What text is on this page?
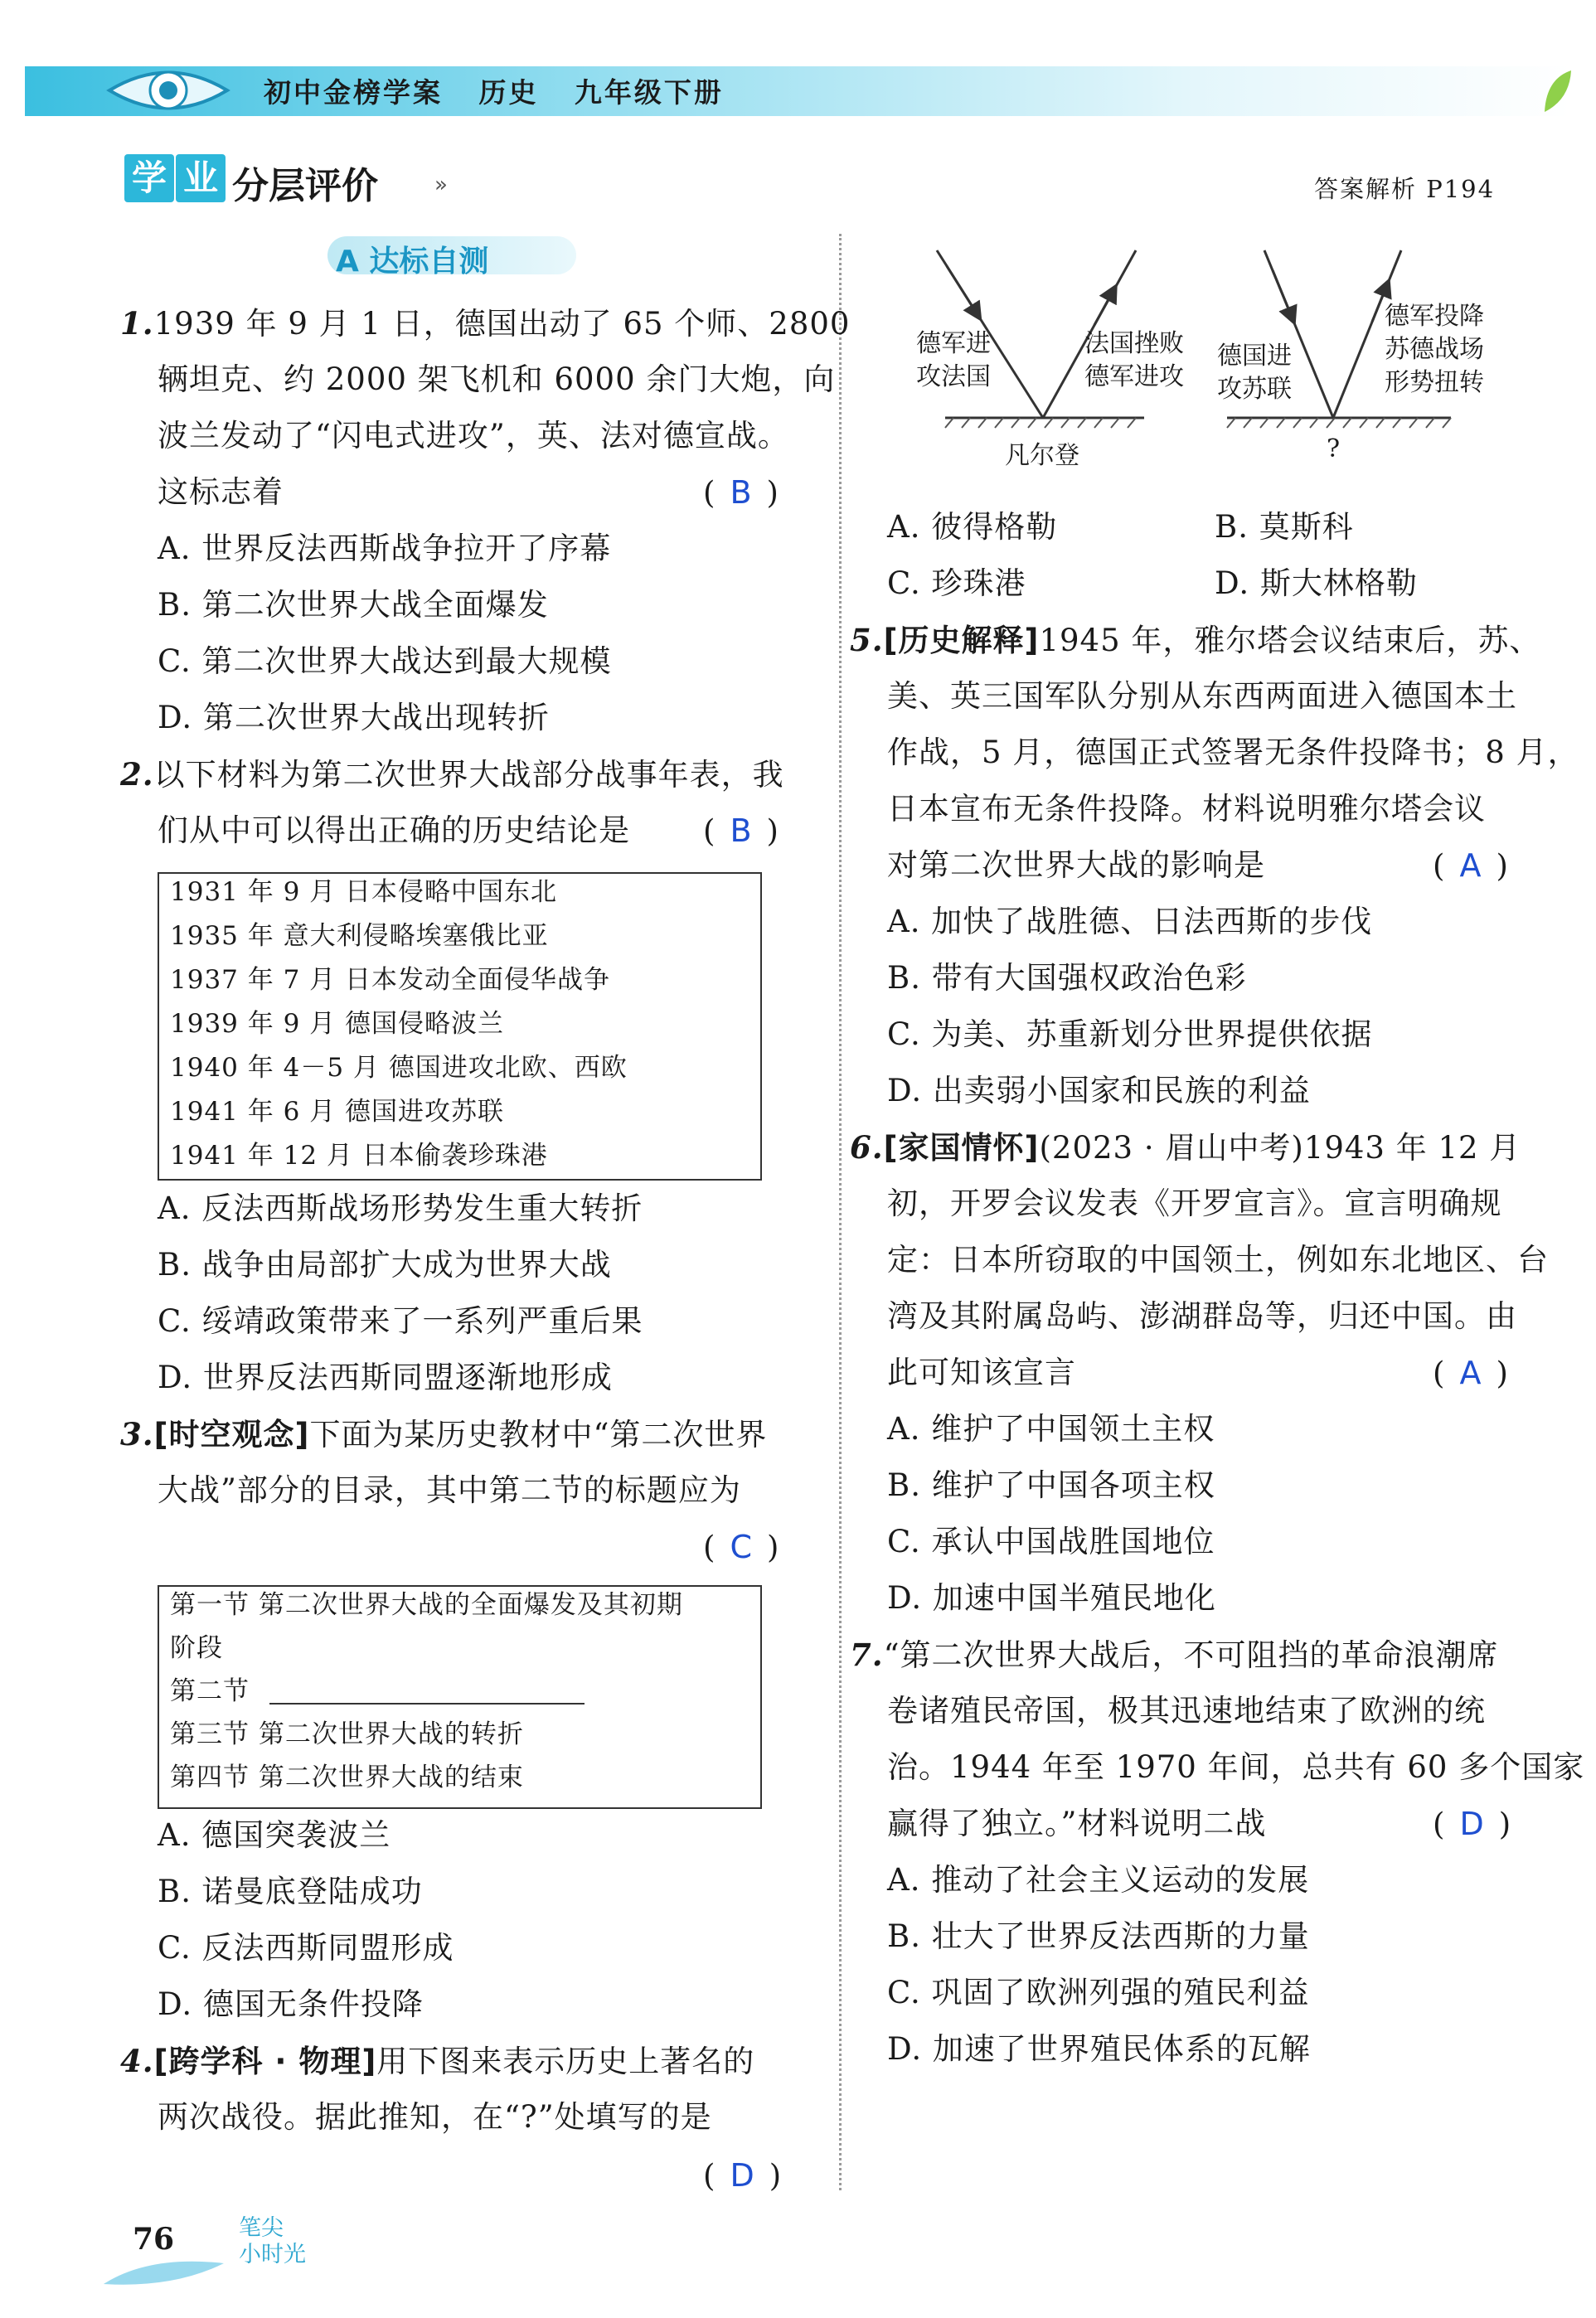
初中金榜学案   历史   九年级下册
学 业 分层评价	»	答案解析 P194
A 达标自测
1.1939 年 9 月 1 日，德国出动了 65 个师、2800
辆坦克、约 2000 架飞机和 6000 余门大炮，向
波兰发动了“闪电式进攻”，英、法对德宣战。
这标志着	( B )
A. 世界反法西斯战争拉开了序幕
B. 第二次世界大战全面爆发
C. 第二次世界大战达到最大规模
D. 第二次世界大战出现转折
2.以下材料为第二次世界大战部分战事年表，我
们从中可以得出正确的历史结论是 ( B )
1931 年 9 月 日本侵略中国东北
1935 年 意大利侵略埃塞俄比亚
1937 年 7 月 日本发动全面侵华战争
1939 年 9 月 德国侵略波兰
1940 年 4－5 月 德国进攻北欧、西欧
1941 年 6 月 德国进攻苏联
1941 年 12 月 日本偷袭珍珠港
A. 反法西斯战场形势发生重大转折
B. 战争由局部扩大成为世界大战
C. 绥靖政策带来了一系列严重后果
D. 世界反法西斯同盟逐渐地形成
3.[时空观念]下面为某历史教材中“第二次世界
大战”部分的目录，其中第二节的标题应为
( C )
第一节 第二次世界大战的全面爆发及其初期
阶段
第二节
第三节 第二次世界大战的转折
第四节 第二次世界大战的结束
A. 德国突袭波兰
B. 诺曼底登陆成功
C. 反法西斯同盟形成
D. 德国无条件投降
4.[跨学科 · 物理]用下图来表示历史上著名的
两次战役。据此推知，在“?”处填写的是
( D )
德军进
攻法国
法国挫败
德军进攻
凡尔登
德国进
攻苏联
德军投降
苏德战场
形势扭转
?
A. 彼得格勒	B. 莫斯科
C. 珍珠港	D. 斯大林格勒
5.[历史解释]1945 年，雅尔塔会议结束后，苏、
美、英三国军队分别从东西两面进入德国本土
作战，5 月，德国正式签署无条件投降书；8 月，
日本宣布无条件投降。材料说明雅尔塔会议
对第二次世界大战的影响是	( A )
A. 加快了战胜德、日法西斯的步伐
B. 带有大国强权政治色彩
C. 为美、苏重新划分世界提供依据
D. 出卖弱小国家和民族的利益
6.[家国情怀](2023 · 眉山中考)1943 年 12 月
初，开罗会议发表《开罗宣言》。宣言明确规
定：日本所窃取的中国领土，例如东北地区、台
湾及其附属岛屿、澎湖群岛等，归还中国。由
此可知该宣言	( A )
A. 维护了中国领土主权
B. 维护了中国各项主权
C. 承认中国战胜国地位
D. 加速中国半殖民地化
7.“第二次世界大战后，不可阻挡的革命浪潮席
卷诸殖民帝国，极其迅速地结束了欧洲的统
治。1944 年至 1970 年间，总共有 60 多个国家
赢得了独立。”材料说明二战	( D )
A. 推动了社会主义运动的发展
B. 壮大了世界反法西斯的力量
C. 巩固了欧洲列强的殖民利益
D. 加速了世界殖民体系的瓦解
76	笔尖
小时光
